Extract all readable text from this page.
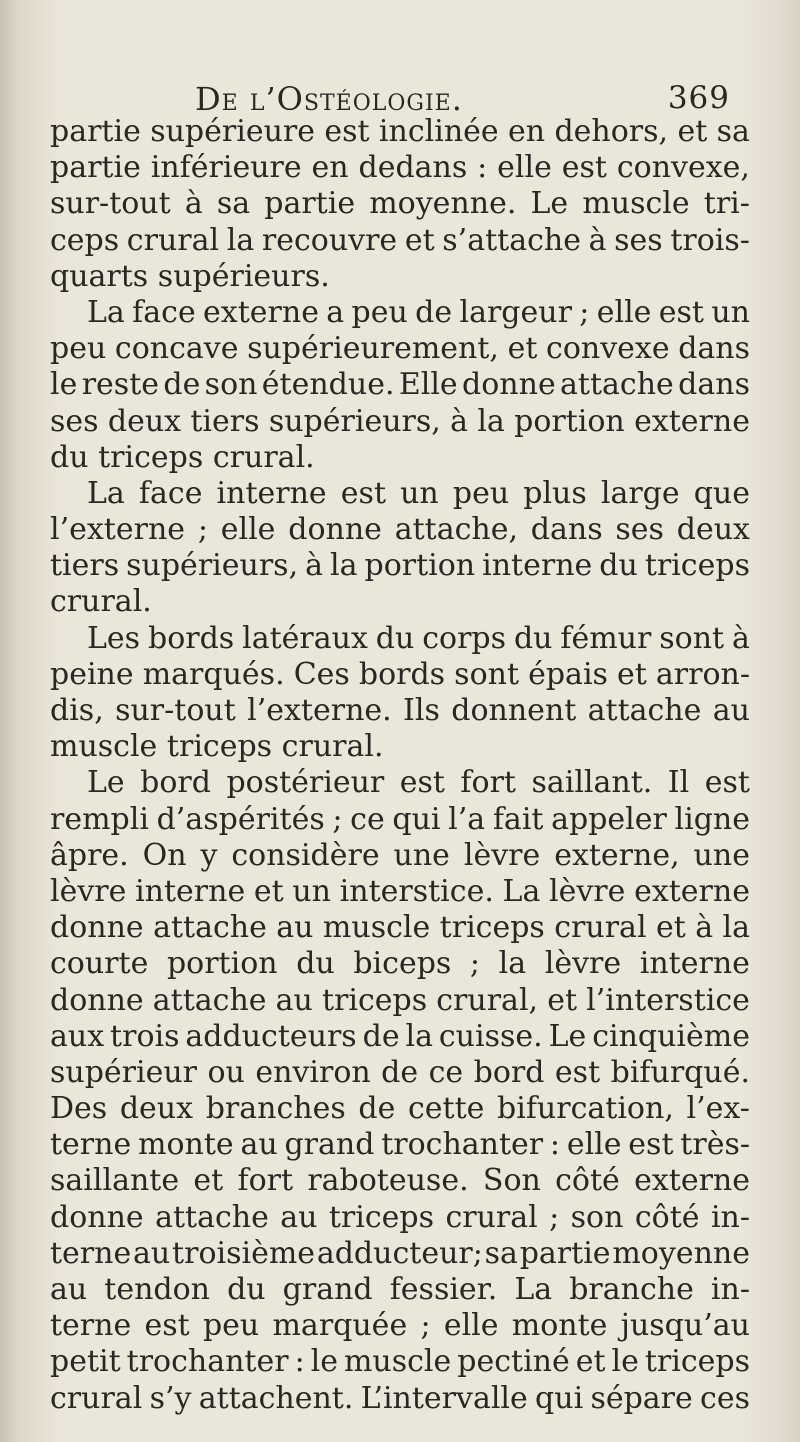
De l’Ostéologie.	369
partie supérieure est inclinée en dehors, et sa
partie inférieure en dedans : elle est convexe,
sur-tout à sa partie moyenne. Le muscle tri-
ceps crural la recouvre et s’attache à ses trois-
quarts supérieurs.
La face externe a peu de largeur ; elle est un
peu concave supérieurement, et convexe dans
le reste de son étendue. Elle donne attache dans
ses deux tiers supérieurs, à la portion externe
du triceps crural.
La face interne est un peu plus large que
l’externe ; elle donne attache, dans ses deux
tiers supérieurs, à la portion interne du triceps
crural.
Les bords latéraux du corps du fémur sont à
peine marqués. Ces bords sont épais et arron-
dis, sur-tout l’externe. Ils donnent attache au
muscle triceps crural.
Le bord postérieur est fort saillant. Il est
rempli d’aspérités ; ce qui l’a fait appeler ligne
âpre. On y considère une lèvre externe, une
lèvre interne et un interstice. La lèvre externe
donne attache au muscle triceps crural et à la
courte portion du biceps ; la lèvre interne
donne attache au triceps crural, et l’interstice
aux trois adducteurs de la cuisse. Le cinquième
supérieur ou environ de ce bord est bifurqué.
Des deux branches de cette bifurcation, l’ex-
terne monte au grand trochanter : elle est très-
saillante et fort raboteuse. Son côté externe
donne attache au triceps crural ; son côté in-
terne au troisième adducteur; sa partie moyenne
au tendon du grand fessier. La branche in-
terne est peu marquée ; elle monte jusqu’au
petit trochanter : le muscle pectiné et le triceps
crural s’y attachent. L’intervalle qui sépare ces
